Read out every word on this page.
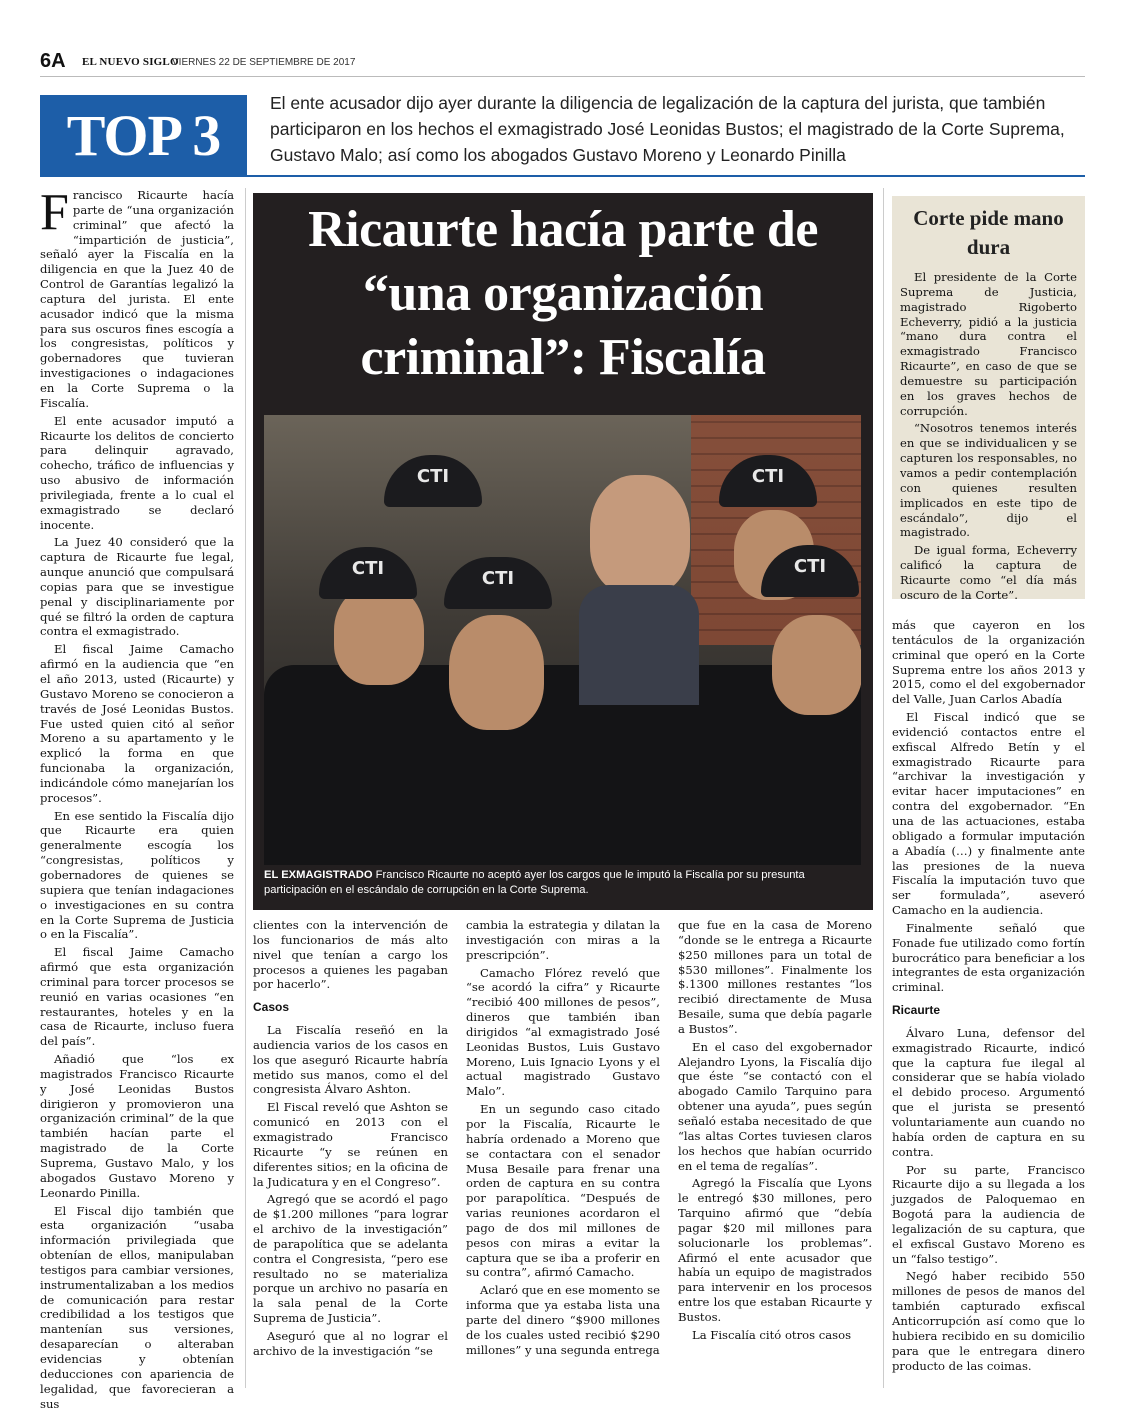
6A EL NUEVO SIGLO
VIERNES 22 DE SEPTIEMBRE DE 2017
TOP 3	El ente acusador dijo ayer durante la diligencia de legalización de la captura del jurista, que también participaron en los hechos el exmagistrado José Leonidas Bustos; el magistrado de la Corte Suprema, Gustavo Malo; así como los abogados Gustavo Moreno y Leonardo Pinilla

Francisco Ricaurte hacía parte de “una organización criminal” que afectó la “impartición de justicia”, señaló ayer la Fiscalía en la diligencia en que la Juez 40 de Control de Garantías legalizó la captura del jurista. El ente acusador indicó que la misma para sus oscuros fines escogía a los congresistas, políticos y gobernadores que tuvieran investigaciones o indagaciones en la Corte Suprema o la Fiscalía.

El ente acusador imputó a Ricaurte los delitos de concierto para delinquir agravado, cohecho, tráfico de influencias y uso abusivo de información privilegiada, frente a lo cual el exmagistrado se declaró inocente.

La Juez 40 consideró que la captura de Ricaurte fue legal, aunque anunció que compulsará copias para que se investigue penal y disciplinariamente por qué se filtró la orden de captura contra el exmagistrado.

El fiscal Jaime Camacho afirmó en la audiencia que “en el año 2013, usted (Ricaurte) y Gustavo Moreno se conocieron a través de José Leonidas Bustos. Fue usted quien citó al señor Moreno a su apartamento y le explicó la forma en que funcionaba la organización, indicándole cómo manejarían los procesos”.

En ese sentido la Fiscalía dijo que Ricaurte era quien generalmente escogía los “congresistas, políticos y gobernadores de quienes se supiera que tenían indagaciones o investigaciones en su contra en la Corte Suprema de Justicia o en la Fiscalía”.

El fiscal Jaime Camacho afirmó que esta organización criminal para torcer procesos se reunió en varias ocasiones “en restaurantes, hoteles y en la casa de Ricaurte, incluso fuera del país”.

Añadió que “los ex magistrados Francisco Ricaurte y José Leonidas Bustos dirigieron y promovieron una organización criminal” de la que también hacían parte el magistrado de la Corte Suprema, Gustavo Malo, y los abogados Gustavo Moreno y Leonardo Pinilla.

El Fiscal dijo también que esta organización “usaba información privilegiada que obtenían de ellos, manipulaban testigos para cambiar versiones, instrumentalizaban a los medios de comunicación para restar credibilidad a los testigos que mantenían sus versiones, desaparecían o alteraban evidencias y obtenían deducciones con apariencia de legalidad, que favorecieran a sus

Ricaurte hacía parte de “una organización criminal”: Fiscalía
CTI
CTI	CTI
CTI
CTI
EL EXMAGISTRADO Francisco Ricaurte no aceptó ayer los cargos que le imputó la Fiscalía por su presunta participación en el escándalo de corrupción en la Corte Suprema.
Corte pide mano dura

El presidente de la Corte Suprema de Justicia, magistrado Rigoberto Echeverry, pidió a la justicia “mano dura contra el exmagistrado Francisco Ricaurte”, en caso de que se demuestre su participación en los graves hechos de corrupción.

“Nosotros tenemos interés en que se individualicen y se capturen los responsables, no vamos a pedir contemplación con quienes resulten implicados en este tipo de escándalo”, dijo el magistrado.

De igual forma, Echeverry calificó la captura de Ricaurte como “el día más oscuro de la Corte”.

clientes con la intervención de los funcionarios de más alto nivel que tenían a cargo los procesos a quienes les pagaban por hacerlo”.

Casos

La Fiscalía reseñó en la audiencia varios de los casos en los que aseguró Ricaurte habría metido sus manos, como el del congresista Álvaro Ashton.

El Fiscal reveló que Ashton se comunicó en 2013 con el exmagistrado Francisco Ricaurte “y se reúnen en diferentes sitios; en la oficina de la Judicatura y en el Congreso”.

Agregó que se acordó el pago de $1.200 millones “para lograr el archivo de la investigación” de parapolítica que se adelanta contra el Congresista, “pero ese resultado no se materializa porque un archivo no pasaría en la sala penal de la Corte Suprema de Justicia”.

Aseguró que al no lograr el archivo de la investigación “se

cambia la estrategia y dilatan la investigación con miras a la prescripción”.

Camacho Flórez reveló que “se acordó la cifra” y Ricaurte “recibió 400 millones de pesos”, dineros que también iban dirigidos “al exmagistrado José Leonidas Bustos, Luis Gustavo Moreno, Luis Ignacio Lyons y el actual magistrado Gustavo Malo”.

En un segundo caso citado por la Fiscalía, Ricaurte le habría ordenado a Moreno que se contactara con el senador Musa Besaile para frenar una orden de captura en su contra por parapolítica. “Después de varias reuniones acordaron el pago de dos mil millones de pesos con miras a evitar la captura que se iba a proferir en su contra”, afirmó Camacho.

Aclaró que en ese momento se informa que ya estaba lista una parte del dinero “$900 millones de los cuales usted recibió $290 millones” y una segunda entrega

que fue en la casa de Moreno “donde se le entrega a Ricaurte $250 millones para un total de $530 millones”. Finalmente los $.1300 millones restantes “los recibió directamente de Musa Besaile, suma que debía pagarle a Bustos”.

En el caso del exgobernador Alejandro Lyons, la Fiscalía dijo que éste “se contactó con el abogado Camilo Tarquino para obtener una ayuda”, pues según señaló estaba necesitado de que “las altas Cortes tuviesen claros los hechos que habían ocurrido en el tema de regalías”.

Agregó la Fiscalía que Lyons le entregó $30 millones, pero Tarquino afirmó que “debía pagar $20 mil millones para solucionarle los problemas”. Afirmó el ente acusador que había un equipo de magistrados para intervenir en los procesos entre los que estaban Ricaurte y Bustos.

La Fiscalía citó otros casos

más que cayeron en los tentáculos de la organización criminal que operó en la Corte Suprema entre los años 2013 y 2015, como el del exgobernador del Valle, Juan Carlos Abadía

El Fiscal indicó que se evidenció contactos entre el exfiscal Alfredo Betín y el exmagistrado Ricaurte para “archivar la investigación y evitar hacer imputaciones” en contra del exgobernador. “En una de las actuaciones, estaba obligado a formular imputación a Abadía (…) y finalmente ante las presiones de la nueva Fiscalía la imputación tuvo que ser formulada”, aseveró Camacho en la audiencia.

Finalmente señaló que Fonade fue utilizado como fortín burocrático para beneficiar a los integrantes de esta organización criminal.

Ricaurte

Álvaro Luna, defensor del exmagistrado Ricaurte, indicó que la captura fue ilegal al considerar que se había violado el debido proceso. Argumentó que el jurista se presentó voluntariamente aun cuando no había orden de captura en su contra.

Por su parte, Francisco Ricaurte dijo a su llegada a los juzgados de Paloquemao en Bogotá para la audiencia de legalización de su captura, que el exfiscal Gustavo Moreno es un “falso testigo”.

Negó haber recibido 550 millones de pesos de manos del también capturado exfiscal Anticorrupción así como que lo hubiera recibido en su domicilio para que le entregara dinero producto de las coimas.
